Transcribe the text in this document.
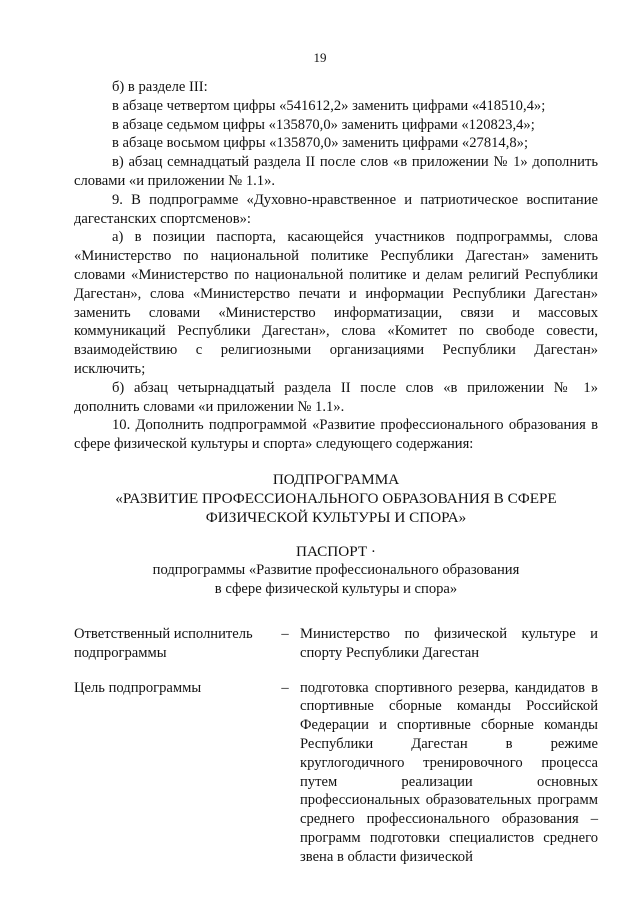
19

б) в разделе III:

в абзаце четвертом цифры «541612,2» заменить цифрами «418510,4»;

в абзаце седьмом цифры «135870,0» заменить цифрами «120823,4»;

в абзаце восьмом цифры «135870,0» заменить цифрами «27814,8»;

в) абзац семнадцатый раздела II после слов «в приложении № 1» дополнить словами «и приложении № 1.1».

9. В подпрограмме «Духовно-нравственное и патриотическое воспитание дагестанских спортсменов»:

а) в позиции паспорта, касающейся участников подпрограммы, слова «Министерство по национальной политике Республики Дагестан» заменить словами «Министерство по национальной политике и делам религий Республики Дагестан», слова «Министерство печати и информации Республики Дагестан» заменить словами «Министерство информатизации, связи и массовых коммуникаций Республики Дагестан», слова «Комитет по свободе совести, взаимодействию с религиозными организациями Республики Дагестан» исключить;

б) абзац четырнадцатый раздела II после слов «в приложении № 1» дополнить словами «и приложении № 1.1».

10. Дополнить подпрограммой «Развитие профессионального образования в сфере физической культуры и спорта» следующего содержания:

ПОДПРОГРАММА
«РАЗВИТИЕ ПРОФЕССИОНАЛЬНОГО ОБРАЗОВАНИЯ В СФЕРЕ
ФИЗИЧЕСКОЙ КУЛЬТУРЫ И СПОРА»
ПАСПОРТ ·
подпрограммы «Развитие профессионального образования
в сфере физической культуры и спора»
Ответственный исполнитель подпрограммы	–	Министерство по физической культуре и спорту Республики Дагестан

Цель подпрограммы	–	подготовка спортивного резерва, кандидатов в спортивные сборные команды Российской Федерации и спортивные сборные команды Республики Дагестан в режиме круглогодичного тренировочного процесса путем реализации основных профессиональных образовательных программ среднего профессионального образования – программ подготовки специалистов среднего звена в области физической
